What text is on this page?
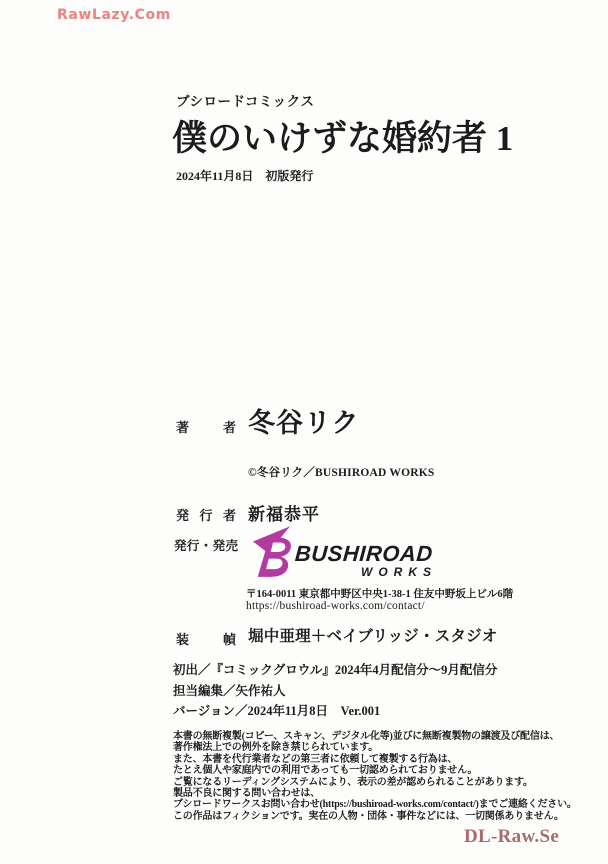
RawLazy.Com
ブシロードコミックス
僕のいけずな婚約者 1
2024年11月8日　初版発行
著	者 冬谷リク
©冬谷リク／BUSHIROAD WORKS
発 行 者 新福恭平
発 行 ・ 発 売	BUSHIROAD
WORKS
〒164-0011 東京都中野区中央1-38-1 住友中野坂上ビル6階
https://bushiroad-works.com/contact/
装	幀 堀中亜理＋ベイブリッジ・スタジオ
初出／『コミックグロウル』2024年4月配信分～9月配信分
担当編集／矢作祐人
バージョン／2024年11月8日　Ver.001
本書の無断複製(コピー、スキャン、デジタル化等)並びに無断複製物の譲渡及び配信は、
著作権法上での例外を除き禁じられています。
また、本書を代行業者などの第三者に依頼して複製する行為は、
たとえ個人や家庭内での利用であっても一切認められておりません。
ご覧になるリーディングシステムにより、表示の差が認められることがあります。
製品不良に関する問い合わせは、
ブシロードワークスお問い合わせ(https://bushiroad-works.com/contact/)までご連絡ください。
この作品はフィクションです。実在の人物・団体・事件などには、一切関係ありません。
DL-Raw.Se
